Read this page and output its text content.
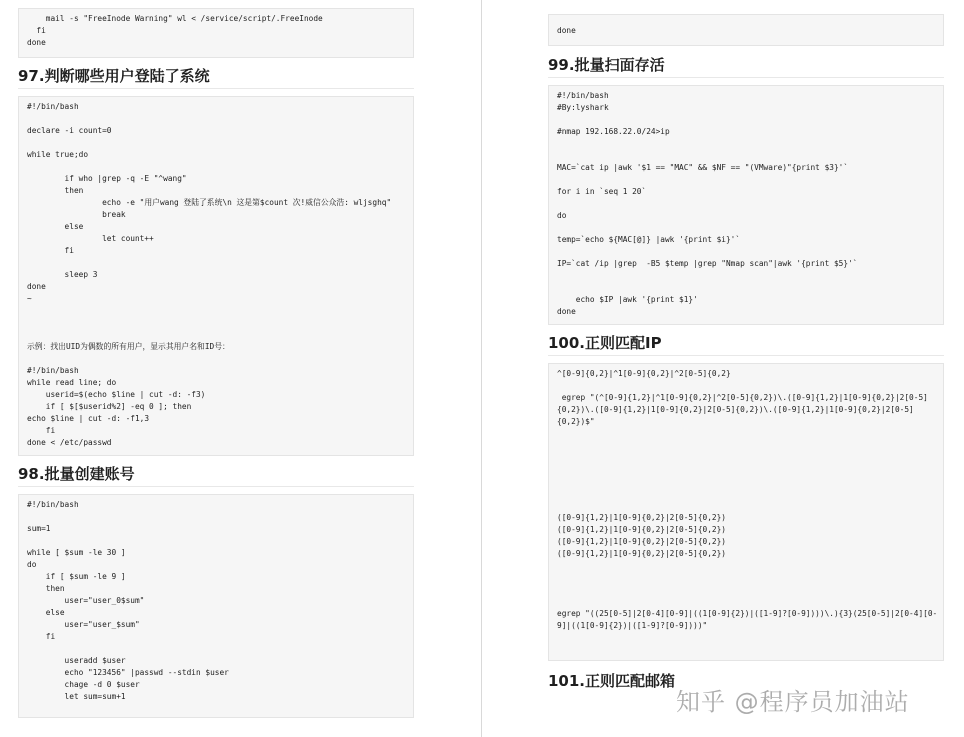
mail -s "FreeInode Warning" wl < /service/script/.FreeInode
fi
done
97.判断哪些用户登陆了系统
#!/bin/bash

declare -i count=0

while true;do

if who |grep -q -E "^wang"
then
echo -e "用户wang 登陆了系统\n 这是第$count 次!威信公众浩: wljsghq"
break
else
let count++
fi

sleep 3
done
~

示例：找出UID为偶数的所有用户，显示其用户名和ID号：

#!/bin/bash
while read line; do
userid=$(echo $line | cut -d: -f3)
if [ $[$userid%2] -eq 0 ]; then
echo $line | cut -d: -f1,3
fi
done < /etc/passwd
98.批量创建账号
#!/bin/bash

sum=1

while [ $sum -le 30 ]
do
if [ $sum -le 9 ]
then
user="user_0$sum"
else
user="user_$sum"
fi

useradd $user
echo "123456" |passwd --stdin $user
chage -d 0 $user
let sum=sum+1
done
99.批量扫面存活
#!/bin/bash
#By:lyshark

#nmap 192.168.22.0/24>ip

MAC=`cat ip |awk '$1 == "MAC" && $NF == "(VMware)"{print $3}'`

for i in `seq 1 20`

do

temp=`echo ${MAC[@]} |awk '{print $i}'`

IP=`cat /ip |grep  -B5 $temp |grep "Nmap scan"|awk '{print $5}'`

echo $IP |awk '{print $1}'
done
100.正则匹配IP
^[0-9]{0,2}|^1[0-9]{0,2}|^2[0-5]{0,2}

egrep "(^[0-9]{1,2}|^1[0-9]{0,2}|^2[0-5]{0,2})\.([0-9]{1,2}|1[0-9]{0,2}|2[0-5]
{0,2})\.([0-9]{1,2}|1[0-9]{0,2}|2[0-5]{0,2})\.([0-9]{1,2}|1[0-9]{0,2}|2[0-5]
{0,2})$"

([0-9]{1,2}|1[0-9]{0,2}|2[0-5]{0,2})
([0-9]{1,2}|1[0-9]{0,2}|2[0-5]{0,2})
([0-9]{1,2}|1[0-9]{0,2}|2[0-5]{0,2})
([0-9]{1,2}|1[0-9]{0,2}|2[0-5]{0,2})

egrep "((25[0-5]|2[0-4][0-9]|((1[0-9]{2})|([1-9]?[0-9])))\.){3}(25[0-5]|2[0-4][0-
9]|((1[0-9]{2})|([1-9]?[0-9])))"

101.正则匹配邮箱
知乎 @程序员加油站
